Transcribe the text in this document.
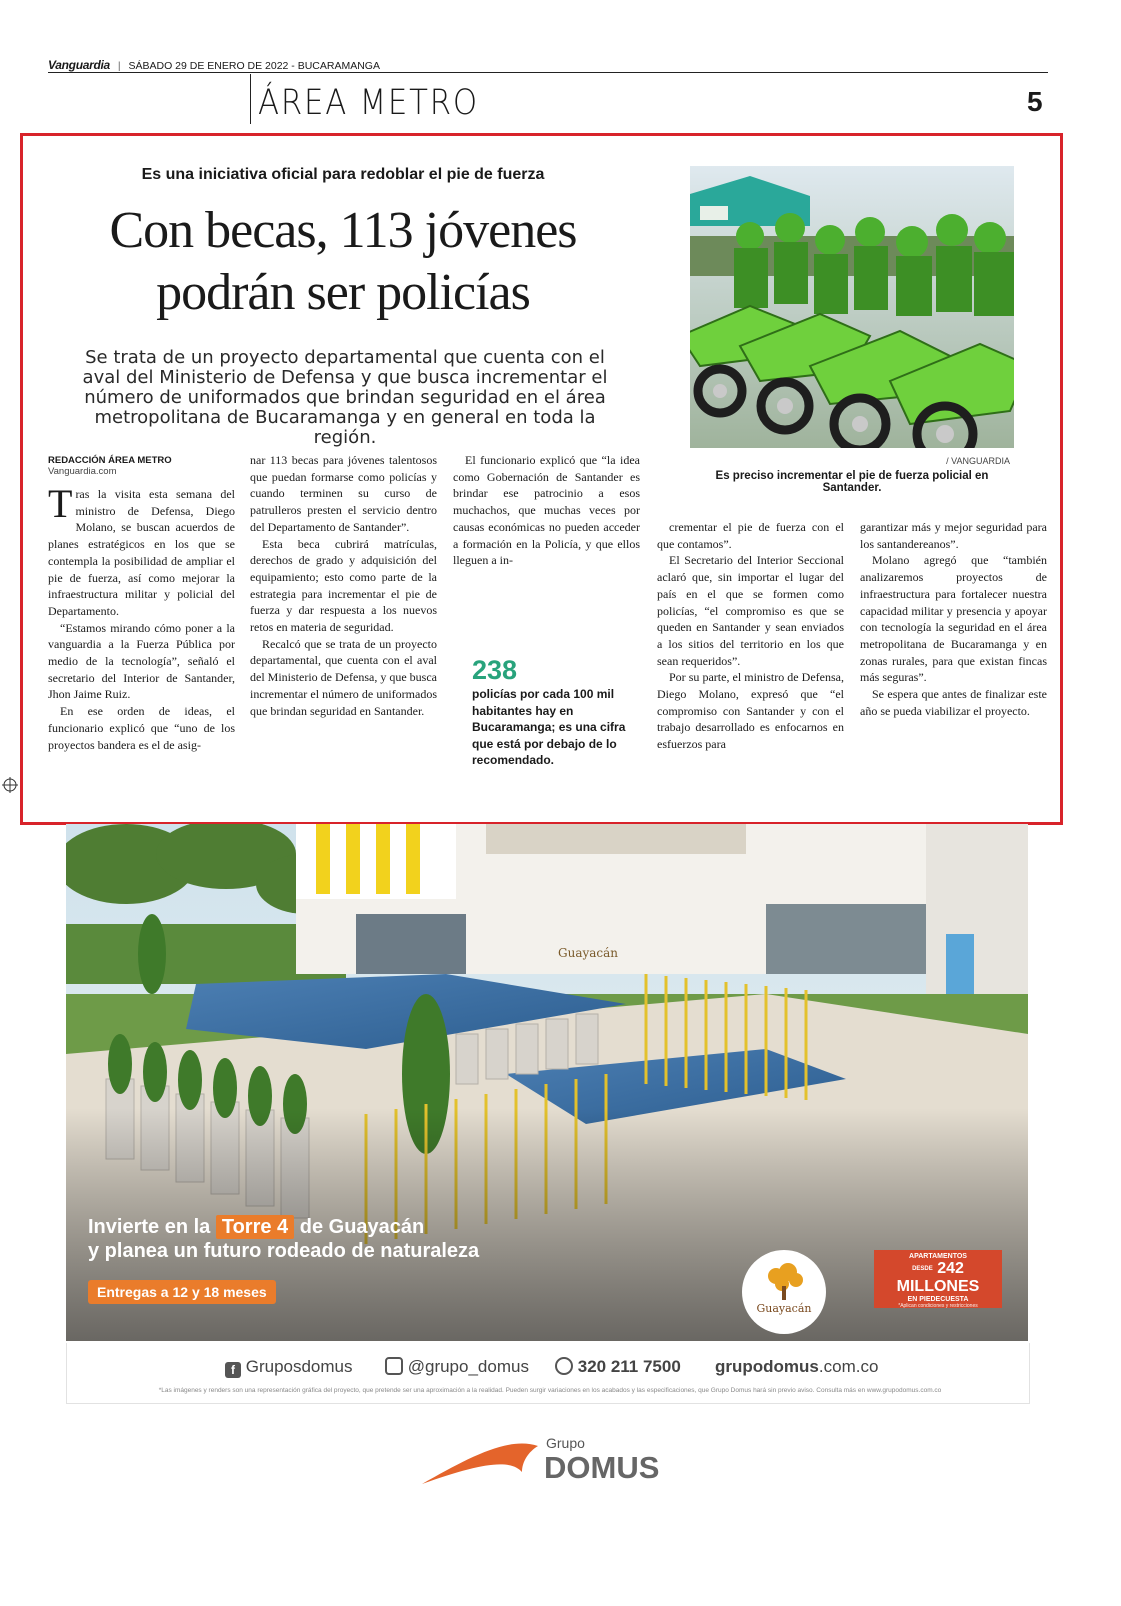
Vanguardia | SÁBADO 29 DE ENERO DE 2022 - BUCARAMANGA
ÁREA METRO	5
Es una iniciativa oficial para redoblar el pie de fuerza
Con becas, 113 jóvenes
podrán ser policías
Se trata de un proyecto departamental que cuenta con el aval del Ministerio de Defensa y que busca incrementar el número de uniformados que brindan seguridad en el área metropolitana de Bucaramanga y en general en toda la región.
/ VANGUARDIA
Es preciso incrementar el pie de fuerza policial en Santander.
REDACCIÓN ÁREA METRO
Vanguardia.com

Tras la visita esta semana del ministro de Defensa, Diego Molano, se buscan acuerdos de planes estratégicos en los que se contempla la posibilidad de ampliar el pie de fuerza, así como mejorar la infraestructura militar y policial del Departamento.

“Estamos mirando cómo poner a la vanguardia a la Fuerza Pública por medio de la tecnología”, señaló el secretario del Interior de Santander, Jhon Jaime Ruiz.

En ese orden de ideas, el funcionario explicó que “uno de los proyectos bandera es el de asig-

nar 113 becas para jóvenes talentosos que puedan formarse como policías y cuando terminen su curso de patrulleros presten el servicio dentro del Departamento de Santander”.

Esta beca cubrirá matrículas, derechos de grado y adquisición del equipamiento; esto como parte de la estrategia para incrementar el pie de fuerza y dar respuesta a los nuevos retos en materia de seguridad.

Recalcó que se trata de un proyecto departamental, que cuenta con el aval del Ministerio de Defensa, y que busca incrementar el número de uniformados que brindan seguridad en Santander.

El funcionario explicó que “la idea como Gobernación de Santander es brindar ese patrocinio a esos muchachos, que muchas veces por causas económicas no pueden acceder a formación en la Policía, y que ellos lleguen a in-

238
policías por cada 100 mil habitantes hay en Bucaramanga; es una cifra que está por debajo de lo recomendado.

crementar el pie de fuerza con el que contamos”.

El Secretario del Interior Seccional aclaró que, sin importar el lugar del país en el que se formen como policías, “el compromiso es que se queden en Santander y sean enviados a los sitios del territorio en los que sean requeridos”.

Por su parte, el ministro de Defensa, Diego Molano, expresó que “el compromiso con Santander y con el trabajo desarrollado es enfocarnos en esfuerzos para

garantizar más y mejor seguridad para los santandereanos”.

Molano agregó que “también analizaremos proyectos de infraestructura para fortalecer nuestra capacidad militar y presencia y apoyar con tecnología la seguridad en el área metropolitana de Bucaramanga y en zonas rurales, para que existan fincas más seguras”.

Se espera que antes de finalizar este año se pueda viabilizar el proyecto.

Invierte en la Torre 4 de Guayacán
y planea un futuro rodeado de naturaleza
Entregas a 12 y 18 meses
Guayacán
APARTAMENTOS
DESDE 242 MILLONES
EN PIEDECUESTA
*Aplican condiciones y restricciones
f Gruposdomus	@grupo_domus	320 211 7500 grupodomus.com.co
*Las imágenes y renders son una representación gráfica del proyecto, que pretende ser una aproximación a la realidad. Pueden surgir variaciones en los acabados y las especificaciones, que Grupo Domus hará sin previo aviso. Consulta más en www.grupodomus.com.co
Grupo
DOMUS
